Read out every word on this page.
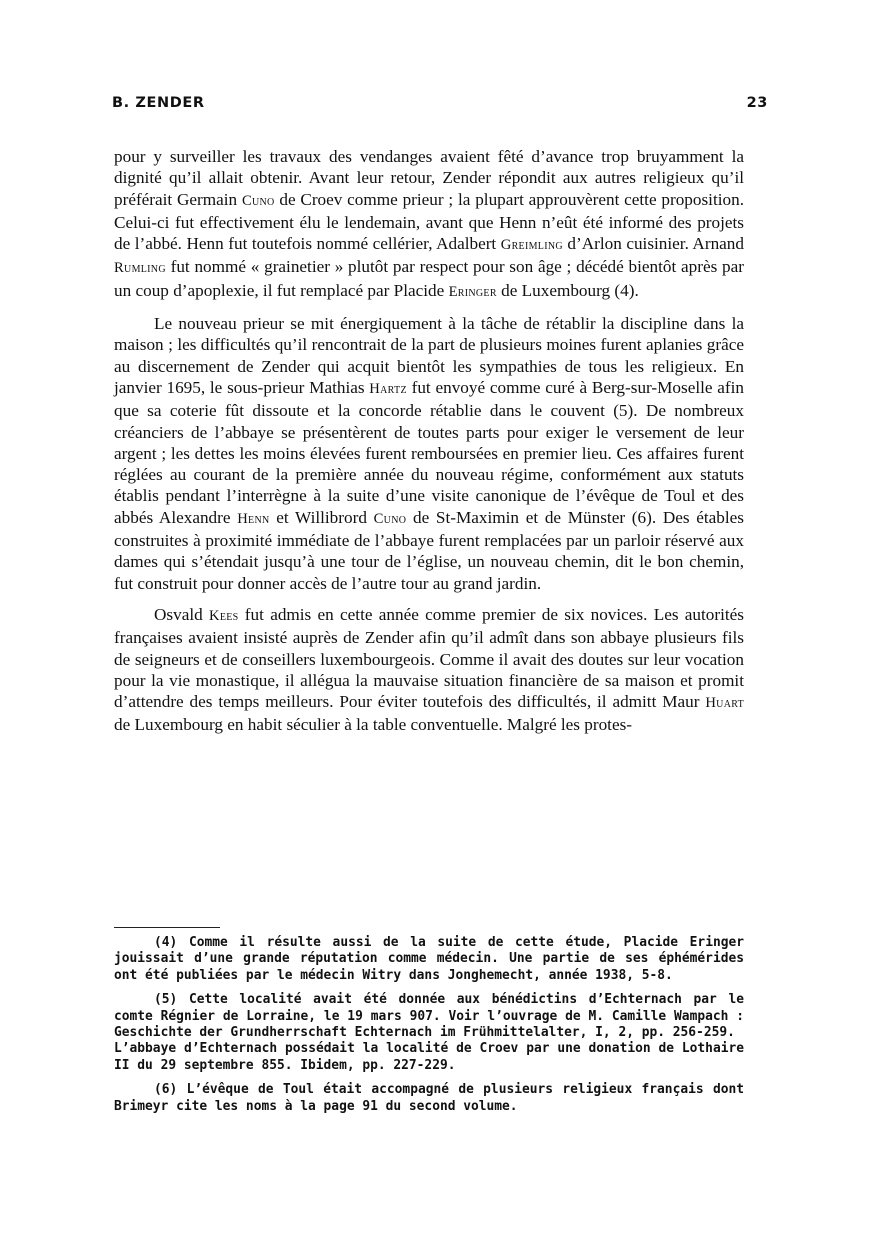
B. ZENDER	23

pour y surveiller les travaux des vendanges avaient fêté d’avance trop bruyamment la dignité qu’il allait obtenir. Avant leur retour, Zender répondit aux autres religieux qu’il préférait Germain Cuno de Croev comme prieur ; la plupart approuvèrent cette proposition. Celui-ci fut effectivement élu le lendemain, avant que Henn n’eût été informé des projets de l’abbé. Henn fut toutefois nommé cellérier, Adalbert Greimling d’Arlon cuisinier. Arnand Rumling fut nommé « grainetier » plutôt par respect pour son âge ; décédé bientôt après par un coup d’apoplexie, il fut remplacé par Placide Eringer de Luxembourg (4).

Le nouveau prieur se mit énergiquement à la tâche de rétablir la discipline dans la maison ; les difficultés qu’il rencontrait de la part de plusieurs moines furent aplanies grâce au discernement de Zender qui acquit bientôt les sympathies de tous les religieux. En janvier 1695, le sous-prieur Mathias Hartz fut envoyé comme curé à Berg-sur-Moselle afin que sa coterie fût dissoute et la concorde rétablie dans le couvent (5). De nombreux créanciers de l’abbaye se présentèrent de toutes parts pour exiger le versement de leur argent ; les dettes les moins élevées furent remboursées en premier lieu. Ces affaires furent réglées au courant de la première année du nouveau régime, conformément aux statuts établis pendant l’interrègne à la suite d’une visite canonique de l’évêque de Toul et des abbés Alexandre Henn et Willibrord Cuno de St-Maximin et de Münster (6). Des étables construites à proximité immédiate de l’abbaye furent remplacées par un parloir réservé aux dames qui s’étendait jusqu’à une tour de l’église, un nouveau chemin, dit le bon chemin, fut construit pour donner accès de l’autre tour au grand jardin.

Osvald Kees fut admis en cette année comme premier de six novices. Les autorités françaises avaient insisté auprès de Zender afin qu’il admît dans son abbaye plusieurs fils de seigneurs et de conseillers luxembourgeois. Comme il avait des doutes sur leur vocation pour la vie monastique, il allégua la mauvaise situation financière de sa maison et promit d’attendre des temps meilleurs. Pour éviter toutefois des difficultés, il admitt Maur Huart de Luxembourg en habit séculier à la table conventuelle. Malgré les protes-

(4) Comme il résulte aussi de la suite de cette étude, Placide Eringer jouissait d’une grande réputation comme médecin. Une partie de ses éphémérides ont été publiées par le médecin Witry dans Jonghemecht, année 1938, 5-8.

(5) Cette localité avait été donnée aux bénédictins d’Echternach par le comte Régnier de Lorraine, le 19 mars 907. Voir l’ouvrage de M. Camille Wampach : Geschichte der Grundherrschaft Echternach im Frühmittelalter, I, 2, pp. 256-259.

L’abbaye d’Echternach possédait la localité de Croev par une donation de Lothaire II du 29 septembre 855. Ibidem, pp. 227-229.

(6) L’évêque de Toul était accompagné de plusieurs religieux français dont Brimeyr cite les noms à la page 91 du second volume.
